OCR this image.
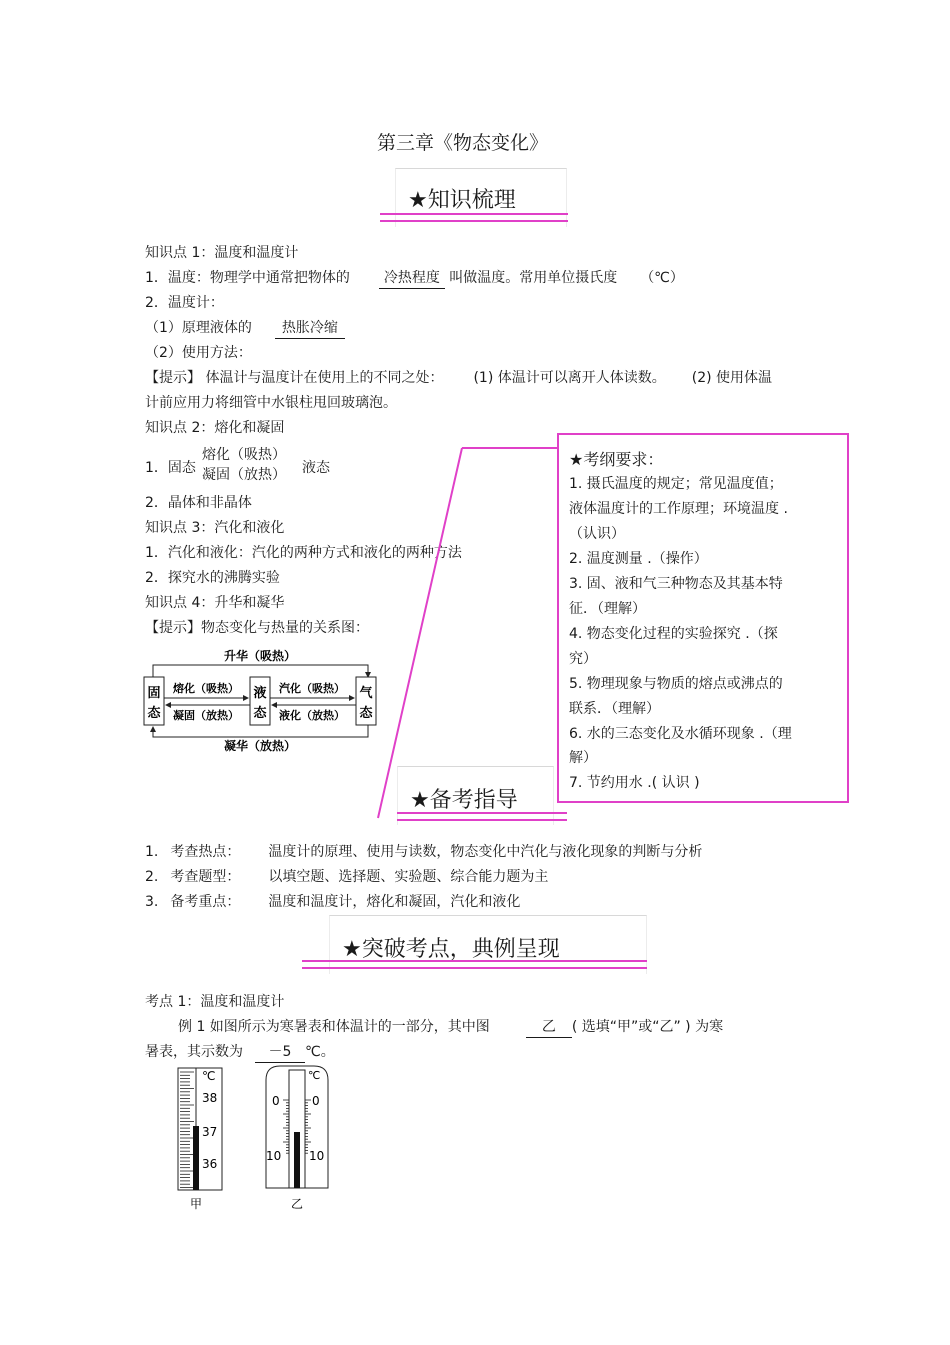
第三章《物态变化》
★知识梳理
知识点 1：温度和温度计
1．温度：物理学中通常把物体的 冷热程度 叫做温度。常用单位摄氏度 （℃）
2．温度计：
（1）原理液体的 热胀冷缩
（2）使用方法：
【提示】 体温计与温度计在使用上的不同之处： (1) 体温计可以离开人体读数。 (2) 使用体温
计前应用力将细管中水银柱甩回玻璃泡。
知识点 2：熔化和凝固
1．固态
熔化（吸热）
凝固（放热） 液态
2．晶体和非晶体
知识点 3：汽化和液化
1．汽化和液化：汽化的两种方式和液化的两种方法
2．探究水的沸腾实验
知识点 4：升华和凝华
【提示】物态变化与热量的关系图：
升华（吸热）
凝华（放热）
固
态
液
态
气
态
熔化（吸热）
凝固（放热）
汽化（吸热）
液化（放热）
★考纲要求：
1. 摄氏温度的规定；常见温度值；
液体温度计的工作原理；环境温度 .
（认识）
2. 温度测量 .（操作）
3. 固、液和气三种物态及其基本特
征．（理解）
4. 物态变化过程的实验探究 .（探
究）
5. 物理现象与物质的熔点或沸点的
联系．（理解）
6. 水的三态变化及水循环现象 .（理
解）
7. 节约用水 .( 认识 )
★备考指导
1. 考查热点： 温度计的原理、使用与读数，物态变化中汽化与液化现象的判断与分析
2. 考查题型： 以填空题、选择题、实验题、综合能力题为主
3. 备考重点： 温度和温度计，熔化和凝固，汽化和液化
★突破考点，典例呈现
考点 1：温度和温度计
例 1 如图所示为寒暑表和体温计的一部分，其中图	乙 ( 选填“甲”或“乙” ) 为寒
暑表，其示数为 －5 ℃。
℃
38
37
36
甲
℃
0
10
0
10
乙
